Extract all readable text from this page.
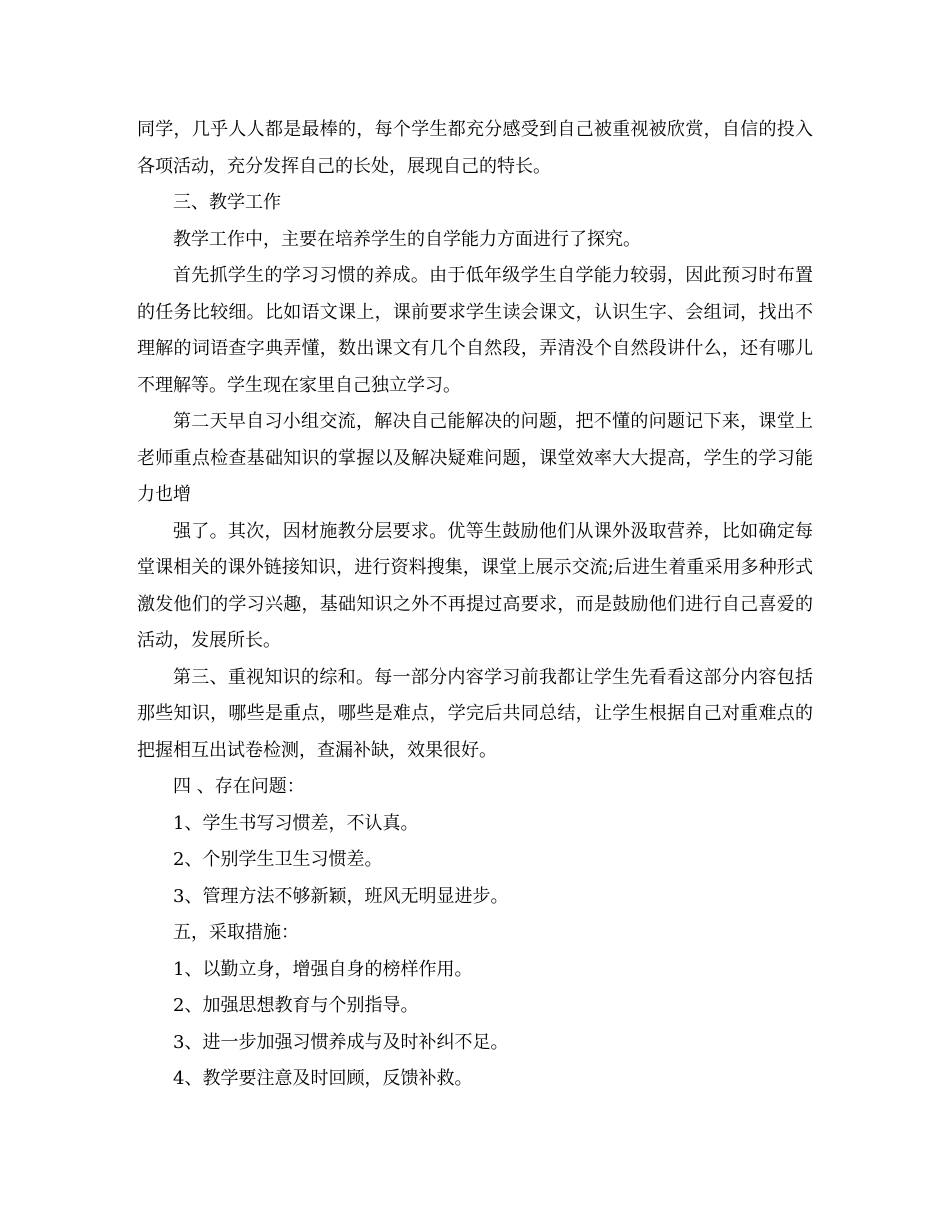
同学，几乎人人都是最棒的，每个学生都充分感受到自己被重视被欣赏，自信的投入各项活动，充分发挥自己的长处，展现自己的特长。

三、教学工作

教学工作中，主要在培养学生的自学能力方面进行了探究。

首先抓学生的学习习惯的养成。由于低年级学生自学能力较弱，因此预习时布置的任务比较细。比如语文课上，课前要求学生读会课文，认识生字、会组词，找出不理解的词语查字典弄懂，数出课文有几个自然段，弄清没个自然段讲什么，还有哪儿不理解等。学生现在家里自己独立学习。

第二天早自习小组交流，解决自己能解决的问题，把不懂的问题记下来，课堂上老师重点检查基础知识的掌握以及解决疑难问题，课堂效率大大提高，学生的学习能力也增

强了。其次，因材施教分层要求。优等生鼓励他们从课外汲取营养，比如确定每堂课相关的课外链接知识，进行资料搜集，课堂上展示交流;后进生着重采用多种形式激发他们的学习兴趣，基础知识之外不再提过高要求，而是鼓励他们进行自己喜爱的活动，发展所长。

第三、重视知识的综和。每一部分内容学习前我都让学生先看看这部分内容包括那些知识，哪些是重点，哪些是难点，学完后共同总结，让学生根据自己对重难点的把握相互出试卷检测，查漏补缺，效果很好。

四 、存在问题：

1、学生书写习惯差，不认真。

2、个别学生卫生习惯差。

3、管理方法不够新颖，班风无明显进步。

五，采取措施：

1、以勤立身，增强自身的榜样作用。

2、加强思想教育与个别指导。

3、进一步加强习惯养成与及时补纠不足。

4、教学要注意及时回顾，反馈补救。
